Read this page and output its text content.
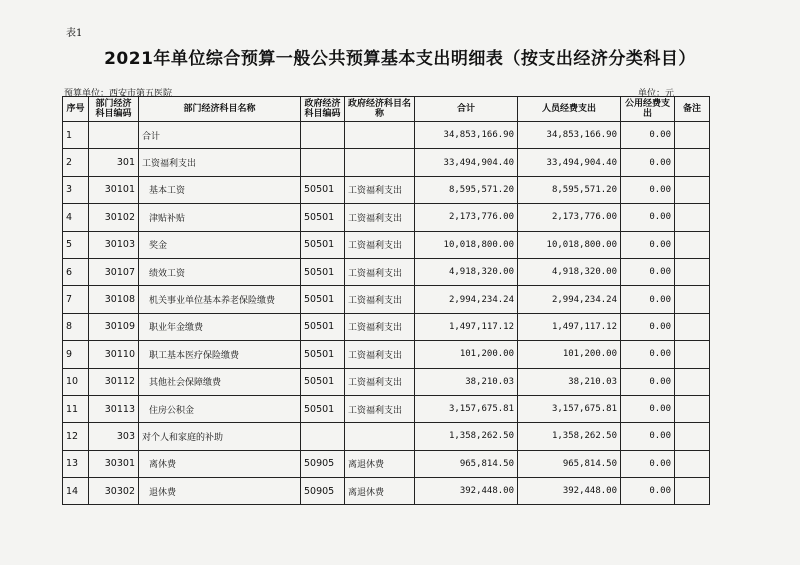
表1
2021年单位综合预算一般公共预算基本支出明细表（按支出经济分类科目）
预算单位：西安市第五医院	单位：元
序号	部门经济科目编码	部门经济科目名称	政府经济科目编码	政府经济科目名称	合计	人员经费支出	公用经费支出	备注
1		合计			34,853,166.90	34,853,166.90	0.00	
2	301	工资福利支出			33,494,904.40	33,494,904.40	0.00	
3	30101	基本工资	50501	工资福利支出	8,595,571.20	8,595,571.20	0.00	
4	30102	津贴补贴	50501	工资福利支出	2,173,776.00	2,173,776.00	0.00	
5	30103	奖金	50501	工资福利支出	10,018,800.00	10,018,800.00	0.00	
6	30107	绩效工资	50501	工资福利支出	4,918,320.00	4,918,320.00	0.00	
7	30108	机关事业单位基本养老保险缴费	50501	工资福利支出	2,994,234.24	2,994,234.24	0.00	
8	30109	职业年金缴费	50501	工资福利支出	1,497,117.12	1,497,117.12	0.00	
9	30110	职工基本医疗保险缴费	50501	工资福利支出	101,200.00	101,200.00	0.00	
10	30112	其他社会保障缴费	50501	工资福利支出	38,210.03	38,210.03	0.00	
11	30113	住房公积金	50501	工资福利支出	3,157,675.81	3,157,675.81	0.00	
12	303	对个人和家庭的补助			1,358,262.50	1,358,262.50	0.00	
13	30301	离休费	50905	离退休费	965,814.50	965,814.50	0.00	
14	30302	退休费	50905	离退休费	392,448.00	392,448.00	0.00	
